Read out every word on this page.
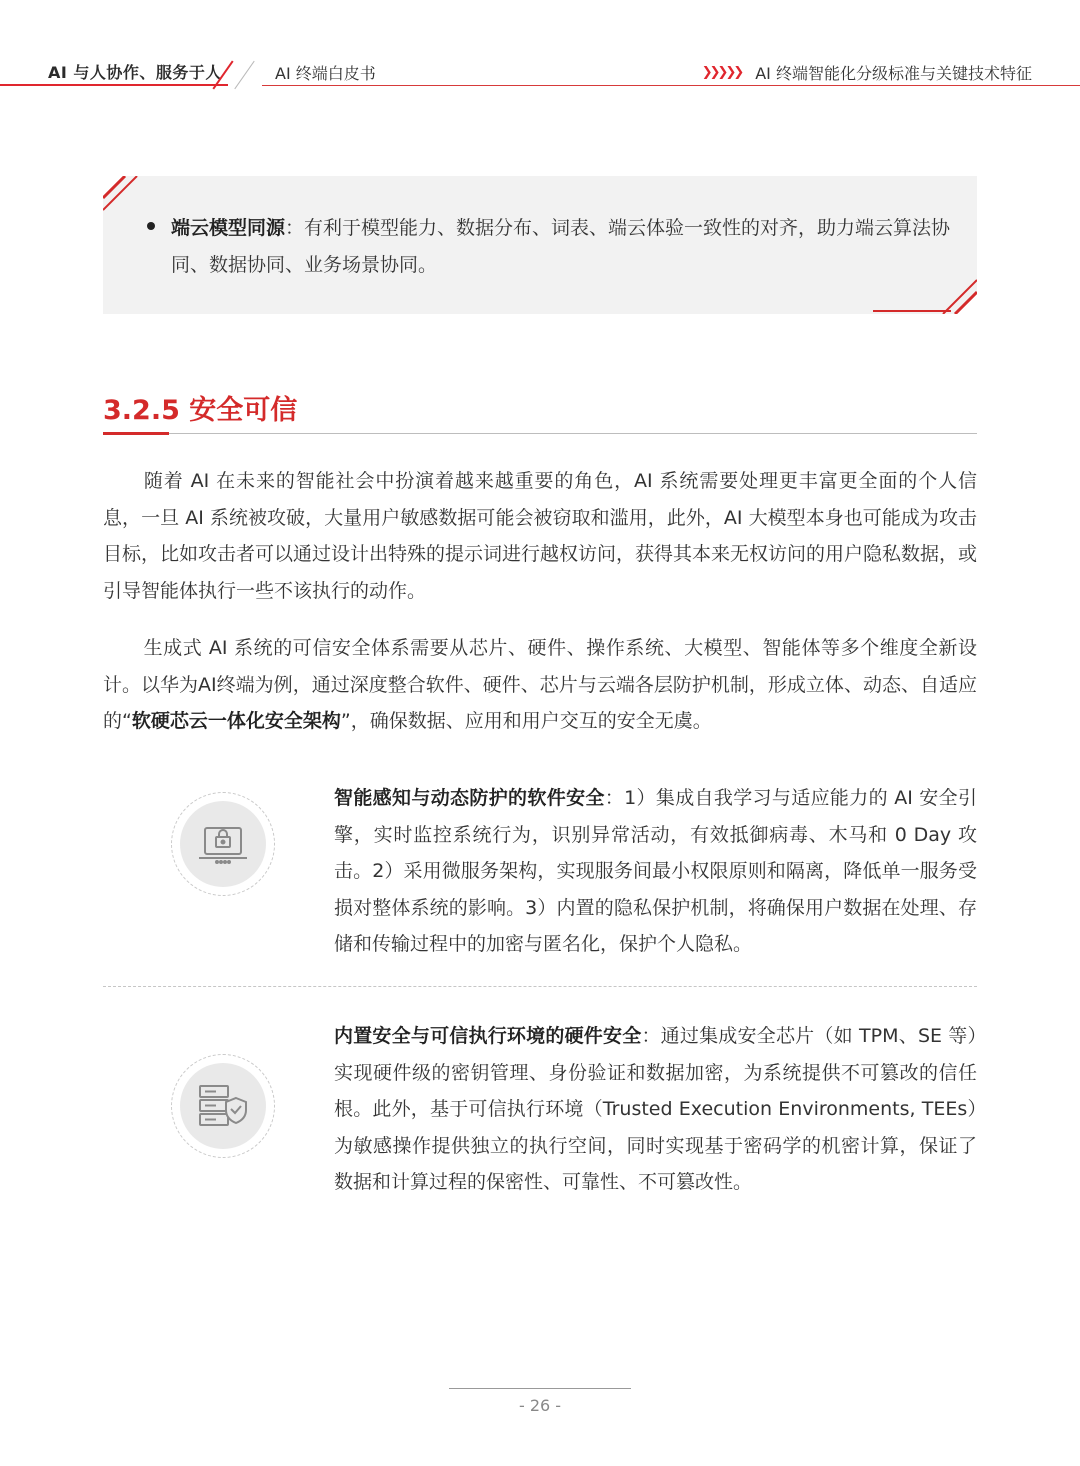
AI 与人协作、服务于人	AI 终端白皮书	❯❯❯❯❯ AI 终端智能化分级标准与关键技术特征
端云模型同源：有利于模型能力、数据分布、词表、端云体验一致性的对齐，助力端云算法协同、数据协同、业务场景协同。
3.2.5 安全可信
随着 AI 在未来的智能社会中扮演着越来越重要的角色，AI 系统需要处理更丰富更全面的个人信息，一旦 AI 系统被攻破，大量用户敏感数据可能会被窃取和滥用，此外，AI 大模型本身也可能成为攻击目标，比如攻击者可以通过设计出特殊的提示词进行越权访问，获得其本来无权访问的用户隐私数据，或引导智能体执行一些不该执行的动作。
生成式 AI 系统的可信安全体系需要从芯片、硬件、操作系统、大模型、智能体等多个维度全新设计。以华为AI终端为例，通过深度整合软件、硬件、芯片与云端各层防护机制，形成立体、动态、自适应的“软硬芯云一体化安全架构”，确保数据、应用和用户交互的安全无虞。
智能感知与动态防护的软件安全：1）集成自我学习与适应能力的 AI 安全引擎，实时监控系统行为，识别异常活动，有效抵御病毒、木马和 0 Day 攻击。2）采用微服务架构，实现服务间最小权限原则和隔离，降低单一服务受损对整体系统的影响。3）内置的隐私保护机制，将确保用户数据在处理、存储和传输过程中的加密与匿名化，保护个人隐私。
内置安全与可信执行环境的硬件安全：通过集成安全芯片（如 TPM、SE 等）实现硬件级的密钥管理、身份验证和数据加密，为系统提供不可篡改的信任根。此外，基于可信执行环境（Trusted Execution Environments, TEEs）为敏感操作提供独立的执行空间，同时实现基于密码学的机密计算，保证了数据和计算过程的保密性、可靠性、不可篡改性。
- 26 -
